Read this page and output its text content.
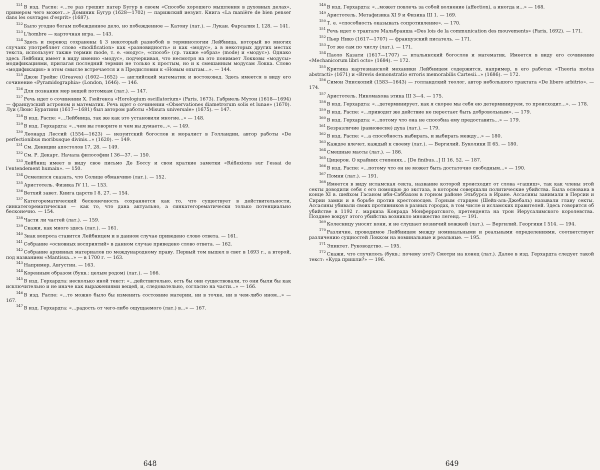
$^{121}$В изд. Распе: «...те раз грешит патер Бугур в своем «Способе хорошего мышления в духовных делах», примером чего может...» Доминик Бугур (1628—1702) — парижский иезуит. Книга «La manière de bien penser dans les ouvrages d'esprit» (1687).

$^{122}$Было угодно богам побежденное дело, но побежденное — Катону (лат.). — Лукан. Фарсалия I, 128. — 141.

$^{123}$L'hombre — карточная игра. — 143.

$^{124}$Здесь и перевод сохранены § 3 некоторый разнобой в терминологии Лейбница, который во многих случаях употребляет слово «modification» как «разновидность» и как «модус», а в некоторых других местах текста, использует также термин mode, т. е. «модус», «способ» (ср. также «образ» (mode) и «модус»). Однако здесь Лейбниц имеет в виду именно «модус», подчеркивая, что несмотря на это понимает Локковы «модусы» модификациями, прилагая последний термин не только к простым, но и к смешанным модусам Локка. Слово «модификация» в этом смысле встречается и в Предисловии к «Новым опытам...». — 144.

$^{125}$Джон Грейвс (Greaves) (1602—1652) — английский математик и востоковед. Здесь имеется в виду его сочинение «Pyramidographia» (London, 1646). — 146.

$^{126}$Для познания мер вещей потомкам (лат.). — 147.

$^{127}$Речь идет о сочинении Х. Гюйгенса «Horologium oscillatorium» (Paris, 1673). Габриель Мутон (1618—1694) — французский астроном и математик. Речь идет о сочинении «Observationes diametrorum solis et lunae» (1670). Луи (Люис Буратини (1617—1681) был автором работы «Misura universale» (1675). — 147.

$^{128}$В изд. Распе: «...Лейбница, так же как это установили многие...» — 148.

$^{129}$В изд. Герхардта: «...чем вы говорите и чем вы думаете...». — 149.

$^{130}$Леонард Лессий (1554—1623) — иезуитский богослов и моралист в Голландии, автор работы «De perfectionibus moribusque divinis...» (1620). — 149.

$^{131}$См. Дениции апостолов 17, 28. — 149.

$^{132}$См. Р. Декарт. Начала философии I 36—37. — 150.

$^{133}$Лейбниц имеет в виду свое письмо Де Боссу и свои краткие заметки «Réflexions sur l'essai de l'entendement humain». — 150.

$^{134}$Осмелился сказать, что Солнце обманчиво (лат.). — 152.

$^{135}$Аристотель. Физика IV 11. — 153.

$^{136}$Ветхий завет. Книга царств I 8, 27. — 154.

$^{137}$Категорематический бесконечность сохраняется как то, что существует в действительности, синкатегорематическая — как то, что дана актуально, а синкатегорематически только потенциально бесконечно. — 154.

$^{138}$Части ли частей (лат.). — 159.

$^{139}$Скажи, как много здесь (лат.). — 161.

$^{140}$Знак вопроса ставится Лейбницем и в данном случае приведено слово ответа. — 161.

$^{141}$Собрание «основных восприятий» в данном случае приведено слово ответа. — 162.

$^{142}$Собрание архивных материалов по международному праву. Первый том вышел в свет в 1693 г., а второй, под названием «Mantissa...» — в 1700 г. — 163.

$^{143}$Например, Августин. — 163.

$^{144}$Коренным образом (букв.: целым родом) (лат.). — 166.

$^{145}$В изд. Герхардта: несколько иной текст: «...действительно, есть бы они существовали, то они были бы как исключительно и не иначе как выражениями вещей, и, следовательно, согласно на части...» — 166.

$^{146}$В изд. Распе: «...то можно было бы изменить состояние материи, ни в точке, ни в чем-либо ином...» — 167.

$^{147}$В изд. Герхардта: «...радость от чего-либо ощущаемого (лат.) в...» — 167.

$^{148}$В изд. Герхардта: «...может повлечь за собой волнение (affection), а иногда и...» — 168.

$^{149}$Аристотель. Метафизика XI 9 и Физика III 1. — 169.

$^{150}$Т. е. «способность оказывать сопротивление». — 170.

$^{151}$Речь идет о трактате Мальбранша «Des lois de la communication des mouvements» (Paris, 1692). — 171.

$^{152}$Пьер Нико (1617—1707) — французский писатель. — 171.

$^{153}$Тот же сам по числу (лат.). — 171.

$^{154}$Паоло Казати (1617—1707) — итальянский богослов и математик. Имеется в виду его сочинение «Mechanicorum libri octo» (1684). — 172.

$^{155}$Критика картезианской механики Лейбницем содержится, например, в его работах «Theoria motus abstracti» (1671) и «Brevis demonstratio erroris memorabilis Cartesii...» (1686). — 172.

$^{156}$Симон Эпископий (1583—1643) — голландский теолог, автор небольшого трактата «De libero arbitrio». — 174.

$^{157}$Аристотель. Никомахова этика III 3—4. — 175.

$^{158}$В изд. Герхардта: «...детерминирует, как я скорее мы себя ею детерминируем, то происходит...». — 178.

$^{159}$В изд. Распе: «...приводит же действие не перестает быть добровольным». — 179.

$^{160}$В изд. Герхардта: «...потому что она не способна ему предоставить...» — 179.

$^{161}$Безразличие (равновесие) духа (лат.). — 179.

$^{162}$В изд. Распе: «...а способность выбирать, и выбирать между...» — 180.

$^{163}$Каждое влечет, каждый к своему (лат.). — Вергилий. Буколики II 65. — 180.

$^{164}$Смешные массы (лат.). — 186.

$^{165}$Цицерон. О крайних степенях... [De finibus...] II 16, 52. — 187.

$^{166}$В изд. Распе: «...потому что он не может быть достаточно свободным...» — 190.

$^{167}$Помни (лат.). — 191.

$^{168}$Имеется в виду исламская секта, название которой происходит от слова «гашиш», так как члены этой секты доводили себя с его помощью до экстаза, в котором совершали политические убийства. Была основана в конце XI в. шейхом Гасаном ибн-Саббахом в горном районе Эльбурса в Иране. Ассасины занимали в Персии и Сирии замки и в борьбе против крестоносцев. Горным старцем (Шейх-аль-Джебаль) называли главу секты. Ассасины убивали своих противников в разных городах, в том числе и исламских правителей. Здесь говорится об убийстве в 1192 г. маркиза Конрада Монферратского, претендента на трон Иерусалимского королевства. Позднее вокруг этого убийства возникло множество легенд. — 191.

$^{169}$Колесницу уносят кони, и не слушает возничий вожжей (лат.). — Вергилий. Георгики I 514. — 194.

$^{170}$Различие, проводимое Лейбницем между номинальными и реальными определениями, соответствует различению сущностей Локком на номинальные и реальные. — 195.

$^{171}$Эпиктет. Руководство. — 195.

$^{172}$Скажи, что случилось (букв.: почему это?) Смотри на конец (лат.). Далее в изд. Герхардта следует такой текст: «Куда пришли?» — 196.

648	649
